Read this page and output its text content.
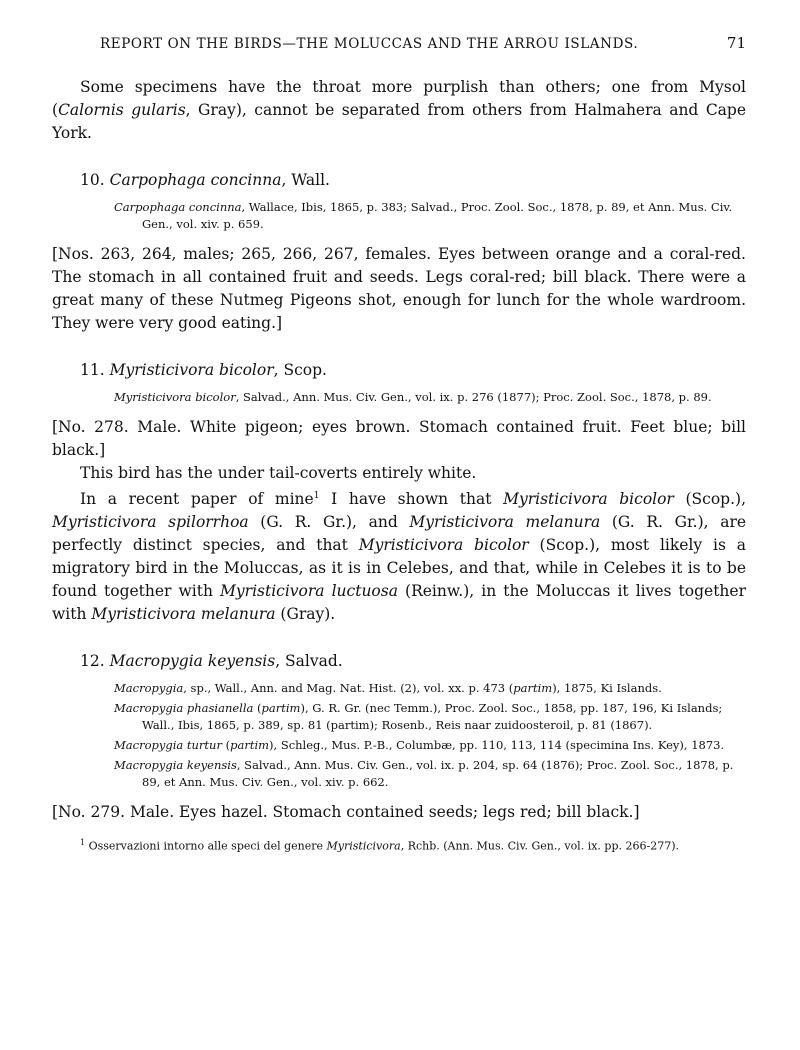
REPORT ON THE BIRDS—THE MOLUCCAS AND THE ARROU ISLANDS.	71

Some specimens have the throat more purplish than others; one from Mysol (Calornis gularis, Gray), cannot be separated from others from Halmahera and Cape York.

10. Carpophaga concinna, Wall.
Carpophaga concinna, Wallace, Ibis, 1865, p. 383; Salvad., Proc. Zool. Soc., 1878, p. 89, et Ann. Mus. Civ. Gen., vol. xiv. p. 659.

[Nos. 263, 264, males; 265, 266, 267, females. Eyes between orange and a coral-red. The stomach in all contained fruit and seeds. Legs coral-red; bill black. There were a great many of these Nutmeg Pigeons shot, enough for lunch for the whole wardroom. They were very good eating.]

11. Myristicivora bicolor, Scop.
Myristicivora bicolor, Salvad., Ann. Mus. Civ. Gen., vol. ix. p. 276 (1877); Proc. Zool. Soc., 1878, p. 89.

[No. 278. Male. White pigeon; eyes brown. Stomach contained fruit. Feet blue; bill black.]

This bird has the under tail-coverts entirely white.

In a recent paper of mine$^1$ I have shown that Myristicivora bicolor (Scop.), Myristicivora spilorrhoa (G. R. Gr.), and Myristicivora melanura (G. R. Gr.), are perfectly distinct species, and that Myristicivora bicolor (Scop.), most likely is a migratory bird in the Moluccas, as it is in Celebes, and that, while in Celebes it is to be found together with Myristicivora luctuosa (Reinw.), in the Moluccas it lives together with Myristicivora melanura (Gray).

12. Macropygia keyensis, Salvad.
Macropygia, sp., Wall., Ann. and Mag. Nat. Hist. (2), vol. xx. p. 473 (partim), 1875, Ki Islands.
Macropygia phasianella (partim), G. R. Gr. (nec Temm.), Proc. Zool. Soc., 1858, pp. 187, 196, Ki Islands; Wall., Ibis, 1865, p. 389, sp. 81 (partim); Rosenb., Reis naar zuidoosteroil, p. 81 (1867).
Macropygia turtur (partim), Schleg., Mus. P.-B., Columbæ, pp. 110, 113, 114 (specimina Ins. Key), 1873.
Macropygia keyensis, Salvad., Ann. Mus. Civ. Gen., vol. ix. p. 204, sp. 64 (1876); Proc. Zool. Soc., 1878, p. 89, et Ann. Mus. Civ. Gen., vol. xiv. p. 662.

[No. 279. Male. Eyes hazel. Stomach contained seeds; legs red; bill black.]

$^1$ Osservazioni intorno alle speci del genere Myristicivora, Rchb. (Ann. Mus. Civ. Gen., vol. ix. pp. 266-277).
